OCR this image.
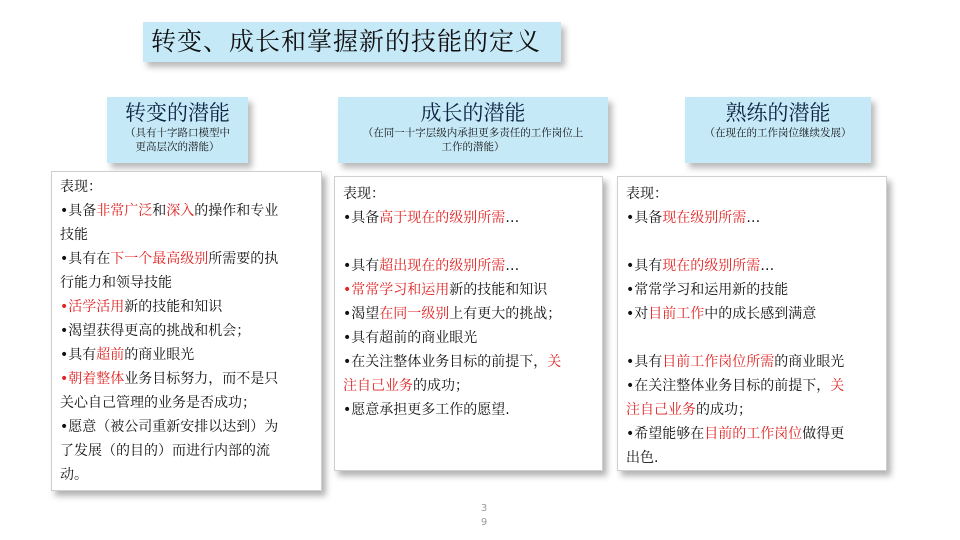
转变、成长和掌握新的技能的定义
转变的潜能
（具有十字路口模型中
更高层次的潜能）
成长的潜能
（在同一十字层级内承担更多责任的工作岗位上
工作的潜能）
熟练的潜能
（在现在的工作岗位继续发展）
表现：
•具备非常广泛和深入的操作和专业
技能
•具有在下一个最高级别所需要的执
行能力和领导技能
•活学活用新的技能和知识
•渴望获得更高的挑战和机会；
•具有超前的商业眼光
•朝着整体业务目标努力，而不是只
关心自己管理的业务是否成功；
•愿意（被公司重新安排以达到）为
了发展（的目的）而进行内部的流
动。
表现：
•具备高于现在的级别所需…
•具有超出现在的级别所需…
•常常学习和运用新的技能和知识
•渴望在同一级别上有更大的挑战；
•具有超前的商业眼光
•在关注整体业务目标的前提下，关
注自己业务的成功；
•愿意承担更多工作的愿望.
表现：
•具备现在级别所需…
•具有现在的级别所需…
•常常学习和运用新的技能
•对目前工作中的成长感到满意
•具有目前工作岗位所需的商业眼光
•在关注整体业务目标的前提下，关
注自己业务的成功；
•希望能够在目前的工作岗位做得更
出色.
3
9
